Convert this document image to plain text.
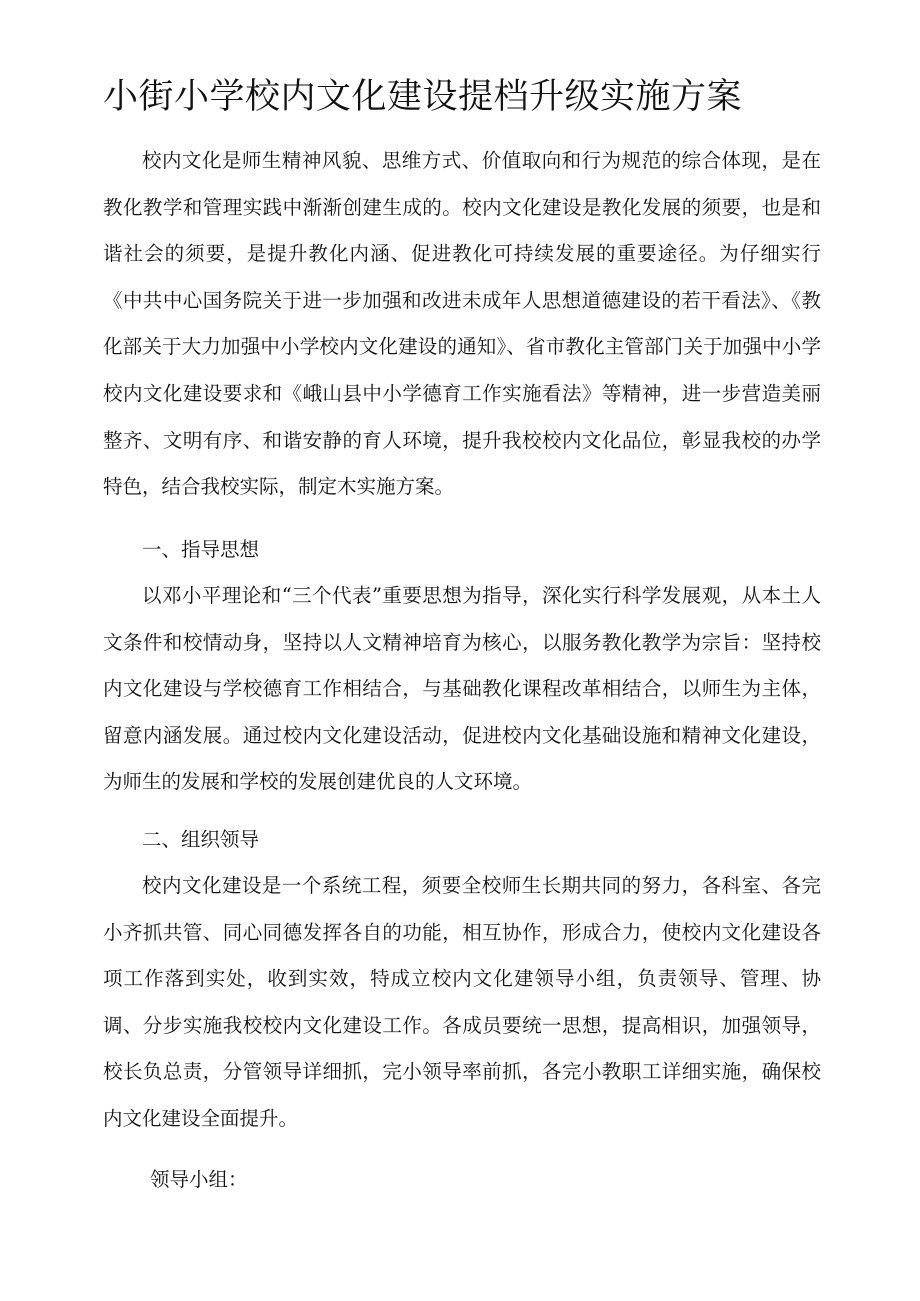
小街小学校内文化建设提档升级实施方案

校内文化是师生精神风貌、思维方式、价值取向和行为规范的综合体现，是在教化教学和管理实践中渐渐创建生成的。校内文化建设是教化发展的须要，也是和谐社会的须要，是提升教化内涵、促进教化可持续发展的重要途径。为仔细实行《中共中心国务院关于进一步加强和改进未成年人思想道德建设的若干看法》、《教化部关于大力加强中小学校内文化建设的通知》、省市教化主管部门关于加强中小学校内文化建设要求和《峨山县中小学德育工作实施看法》等精神，进一步营造美丽整齐、文明有序、和谐安静的育人环境，提升我校校内文化品位，彰显我校的办学特色，结合我校实际，制定木实施方案。

一、指导思想

以邓小平理论和“三个代表”重要思想为指导，深化实行科学发展观，从本土人文条件和校情动身，坚持以人文精神培育为核心，以服务教化教学为宗旨：坚持校内文化建设与学校德育工作相结合，与基础教化课程改革相结合，以师生为主体，留意内涵发展。通过校内文化建设活动，促进校内文化基础设施和精神文化建设，为师生的发展和学校的发展创建优良的人文环境。

二、组织领导

校内文化建设是一个系统工程，须要全校师生长期共同的努力，各科室、各完小齐抓共管、同心同德发挥各自的功能，相互协作，形成合力，使校内文化建设各项工作落到实处，收到实效，特成立校内文化建领导小组，负责领导、管理、协调、分步实施我校校内文化建设工作。各成员要统一思想，提高相识，加强领导，校长负总责，分管领导详细抓，完小领导率前抓，各完小教职工详细实施，确保校内文化建设全面提升。

领导小组：
